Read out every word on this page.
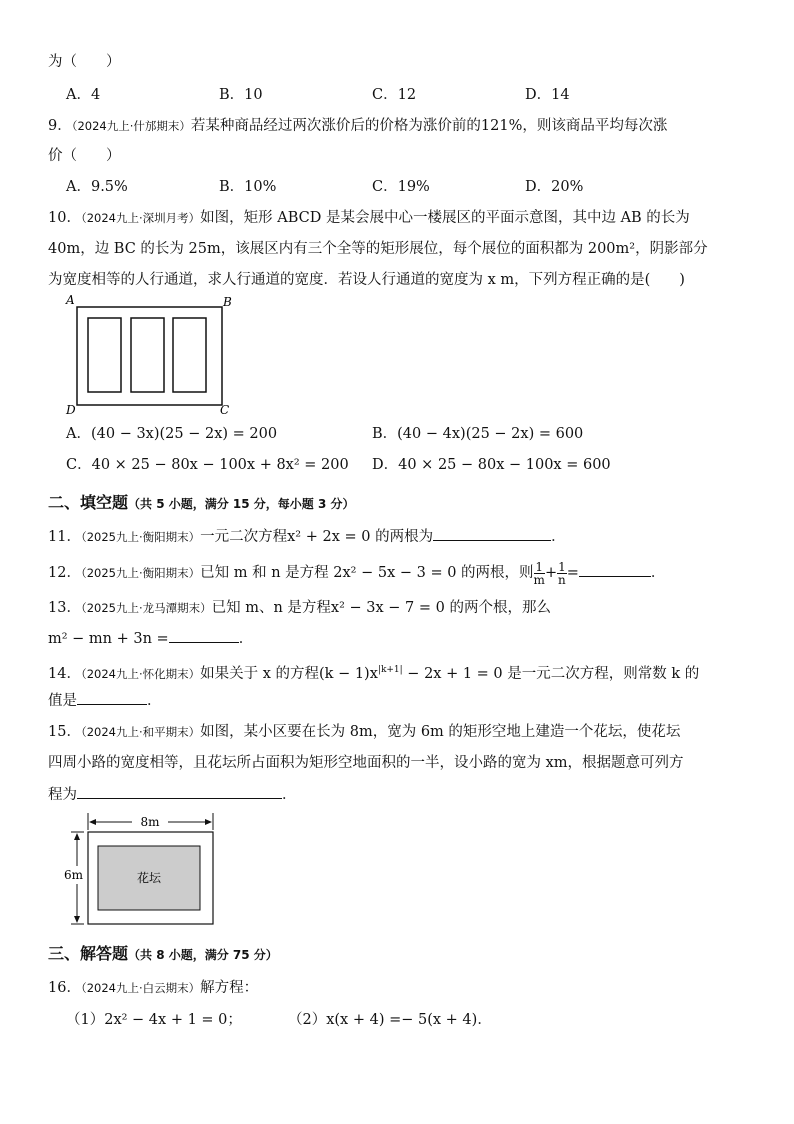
为（　　）
A．4	B．10	C．12	D．14
9．（2024九上·什邡期末）若某种商品经过两次涨价后的价格为涨价前的121%，则该商品平均每次涨
价（　　）
A．9.5%	B．10%	C．19%	D．20%
10．（2024九上·深圳月考）如图，矩形 ABCD 是某会展中心一楼展区的平面示意图，其中边 AB 的长为
40m，边 BC 的长为 25m，该展区内有三个全等的矩形展位，每个展位的面积都为 200m²，阴影部分
为宽度相等的人行通道，求人行通道的宽度．若设人行通道的宽度为 x m，下列方程正确的是(　　)
A	B
D	C
A．(40 − 3x)(25 − 2x) = 200	B．(40 − 4x)(25 − 2x) = 600
C．40 × 25 − 80x − 100x + 8x² = 200 D．40 × 25 − 80x − 100x = 600
二、填空题（共 5 小题，满分 15 分，每小题 3 分）
11．（2025九上·衡阳期末）一元二次方程x² + 2x = 0 的两根为	．
12．（2025九上·衡阳期末）已知 m 和 n 是方程 2x² − 5x − 3 = 0 的两根，则 $\frac{1}{m} + \frac{1}{n}$ =	．
13．（2025九上·龙马潭期末）已知 m、n 是方程x² − 3x − 7 = 0 的两个根，那么
m² − mn + 3n =	．
14．（2024九上·怀化期末）如果关于 x 的方程$(k - 1)x^{|k+1|} - 2x + 1 = 0$ 是一元二次方程，则常数 k 的
值是	．
15．（2024九上·和平期末）如图，某小区要在长为 8m，宽为 6m 的矩形空地上建造一个花坛，使花坛
四周小路的宽度相等，且花坛所占面积为矩形空地面积的一半，设小路的宽为 xm，根据题意可列方
程为	．
8m
6m	花坛
三、解答题（共 8 小题，满分 75 分）
16．（2024九上·白云期末）解方程：
（1）2x² − 4x + 1 = 0；	（2）x(x + 4) =− 5(x + 4)．
